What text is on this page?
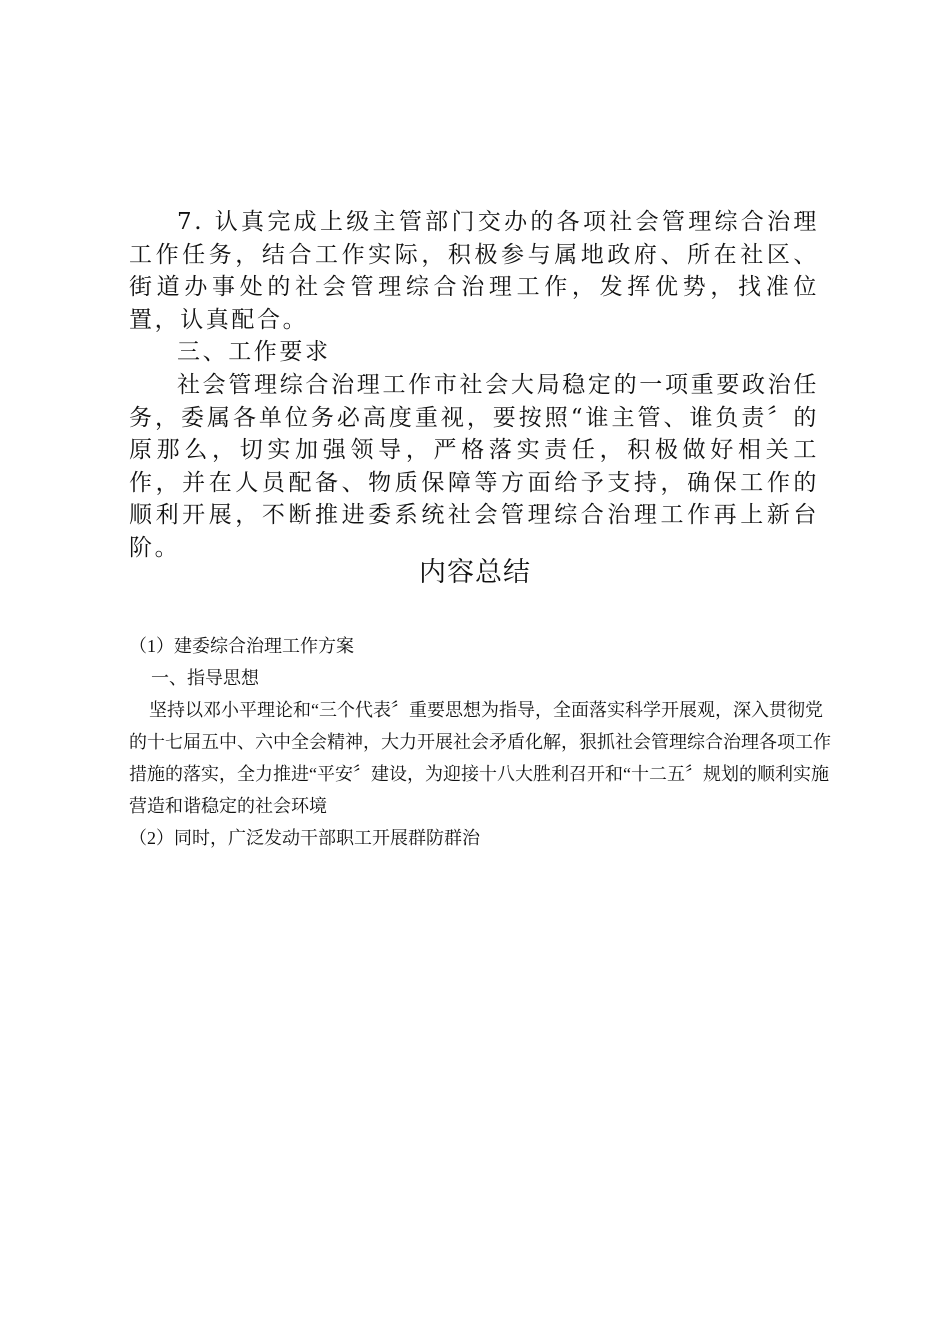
7. 认真完成上级主管部门交办的各项社会管理综合治理工作任务，结合工作实际，积极参与属地政府、所在社区、街道办事处的社会管理综合治理工作，发挥优势，找准位置，认真配合。

三、工作要求

社会管理综合治理工作市社会大局稳定的一项重要政治任务，委属各单位务必高度重视，要按照“谁主管、谁负责〞的原那么，切实加强领导，严格落实责任，积极做好相关工作，并在人员配备、物质保障等方面给予支持，确保工作的顺利开展，不断推进委系统社会管理综合治理工作再上新台阶。

内容总结

（1）建委综合治理工作方案

一、指导思想

坚持以邓小平理论和“三个代表〞重要思想为指导，全面落实科学开展观，深入贯彻党的十七届五中、六中全会精神，大力开展社会矛盾化解，狠抓社会管理综合治理各项工作措施的落实，全力推进“平安〞建设，为迎接十八大胜利召开和“十二五〞规划的顺利实施营造和谐稳定的社会环境

（2）同时，广泛发动干部职工开展群防群治
